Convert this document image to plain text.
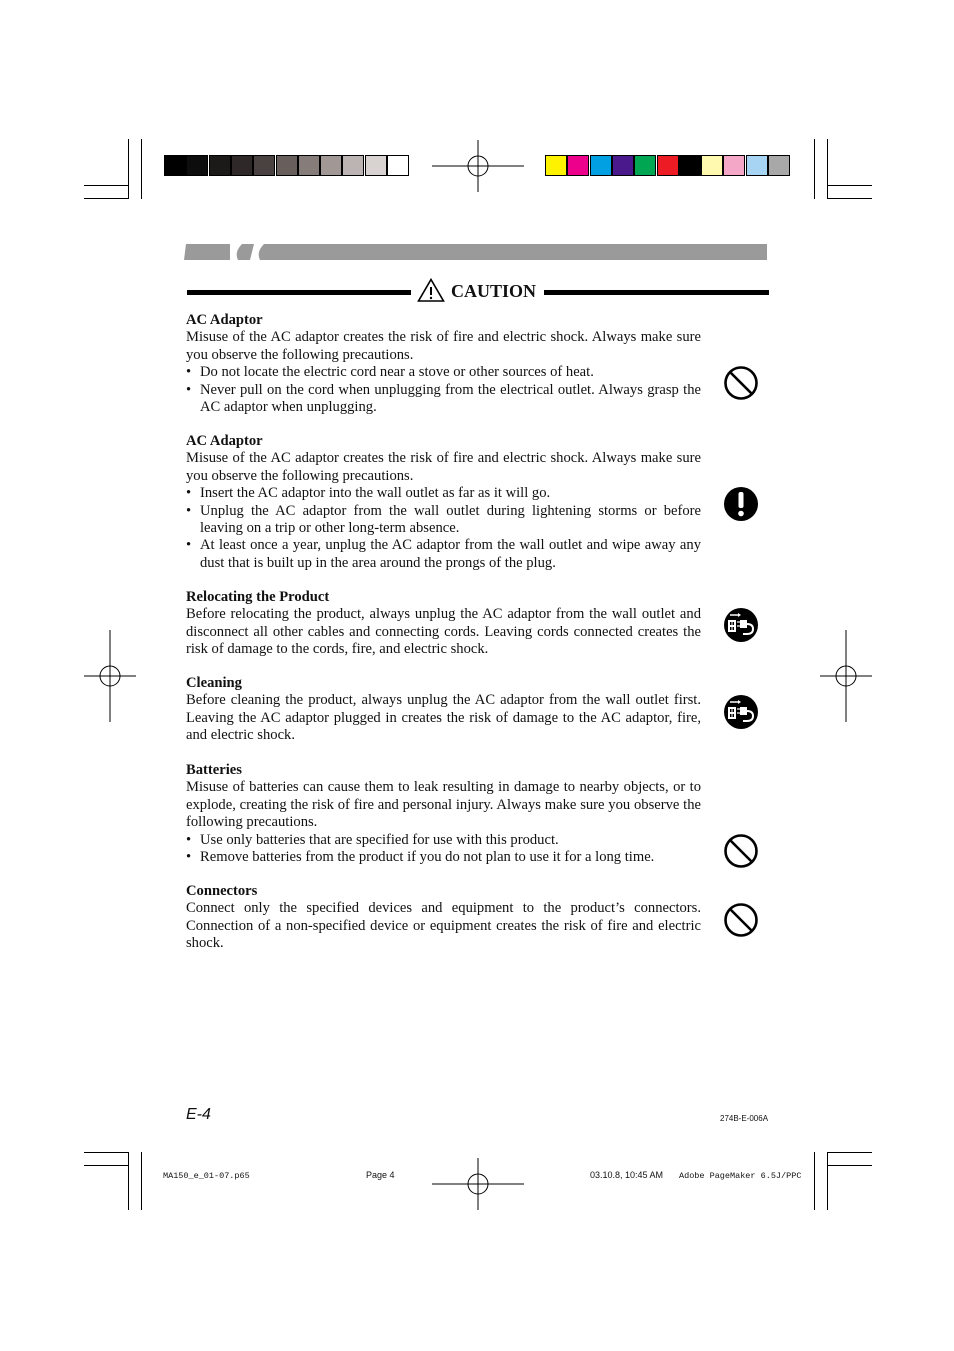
CAUTION
AC Adaptor

Misuse of the AC adaptor creates the risk of fire and electric shock. Always make sure you observe the following precautions.

• Do not locate the electric cord near a stove or other sources of heat.
• Never pull on the cord when unplugging from the electrical outlet. Always grasp the AC adaptor when unplugging.
AC Adaptor

Misuse of the AC adaptor creates the risk of fire and electric shock. Always make sure you observe the following precautions.

• Insert the AC adaptor into the wall outlet as far as it will go.
• Unplug the AC adaptor from the wall outlet during lightening storms or before leaving on a trip or other long-term absence.
• At least once a year, unplug the AC adaptor from the wall outlet and wipe away any dust that is built up in the area around the prongs of the plug.
Relocating the Product

Before relocating the product, always unplug the AC adaptor from the wall outlet and disconnect all other cables and connecting cords. Leaving cords connected creates the risk of damage to the cords, fire, and electric shock.

Cleaning

Before cleaning the product, always unplug the AC adaptor from the wall outlet first. Leaving the AC adaptor plugged in creates the risk of damage to the AC adaptor, fire, and electric shock.

Batteries

Misuse of batteries can cause them to leak resulting in damage to nearby objects, or to explode, creating the risk of fire and personal injury. Always make sure you observe the following precautions.

• Use only batteries that are specified for use with this product.
• Remove batteries from the product if you do not plan to use it for a long time.
Connectors

Connect only the specified devices and equipment to the product’s connectors. Connection of a non-specified device or equipment creates the risk of fire and electric shock.

E-4	274B-E-006A
MA150_e_01-07.p65	Page 4	03.10.8, 10:45 AM Adobe PageMaker 6.5J/PPC
